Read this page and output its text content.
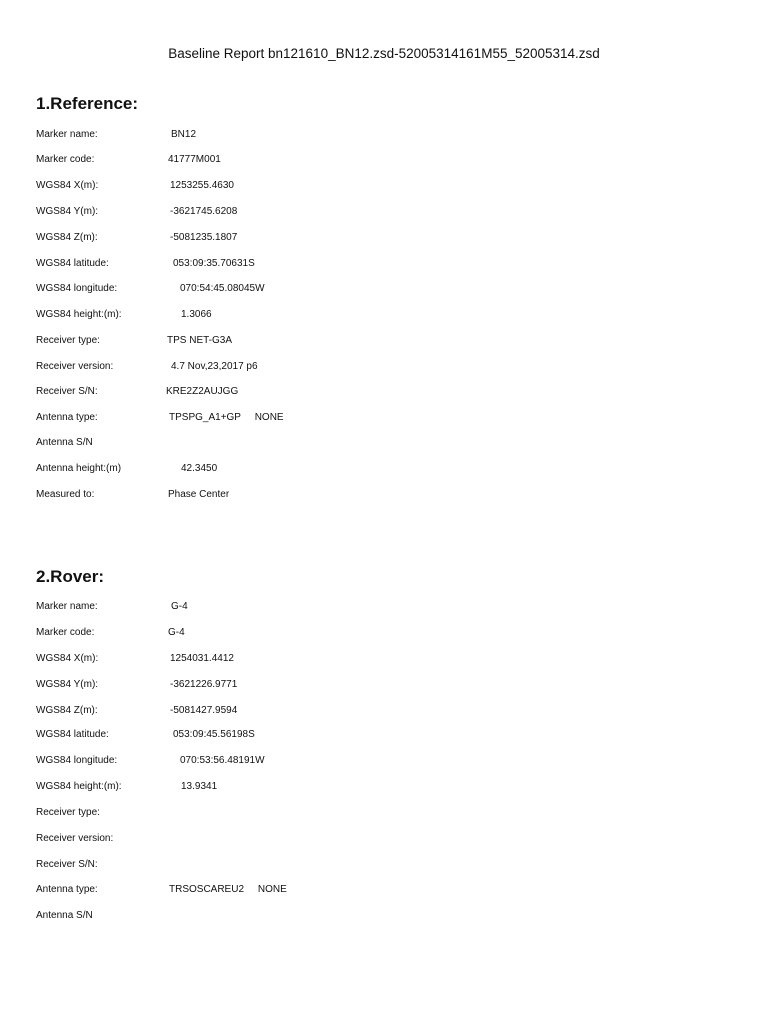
Baseline Report bn121610_BN12.zsd-52005314161M55_52005314.zsd
1.Reference:
Marker name:	BN12
Marker code:	41777M001
WGS84 X(m):	1253255.4630
WGS84 Y(m):	-3621745.6208
WGS84 Z(m):	-5081235.1807
WGS84 latitude:	053:09:35.70631S
WGS84 longitude:	070:54:45.08045W
WGS84 height:(m):	1.3066
Receiver type:	TPS NET-G3A
Receiver version:	4.7 Nov,23,2017 p6
Receiver S/N:	KRE2Z2AUJGG
Antenna type:	TPSPG_A1+GP     NONE
Antenna S/N
Antenna height:(m)	42.3450
Measured to:	Phase Center
2.Rover:
Marker name:	G-4
Marker code:	G-4
WGS84 X(m):	1254031.4412
WGS84 Y(m):	-3621226.9771
WGS84 Z(m):	-5081427.9594
WGS84 latitude:	053:09:45.56198S
WGS84 longitude:	070:53:56.48191W
WGS84 height:(m):	13.9341
Receiver type:
Receiver version:
Receiver S/N:
Antenna type:	TRSOSCAREU2     NONE
Antenna S/N
